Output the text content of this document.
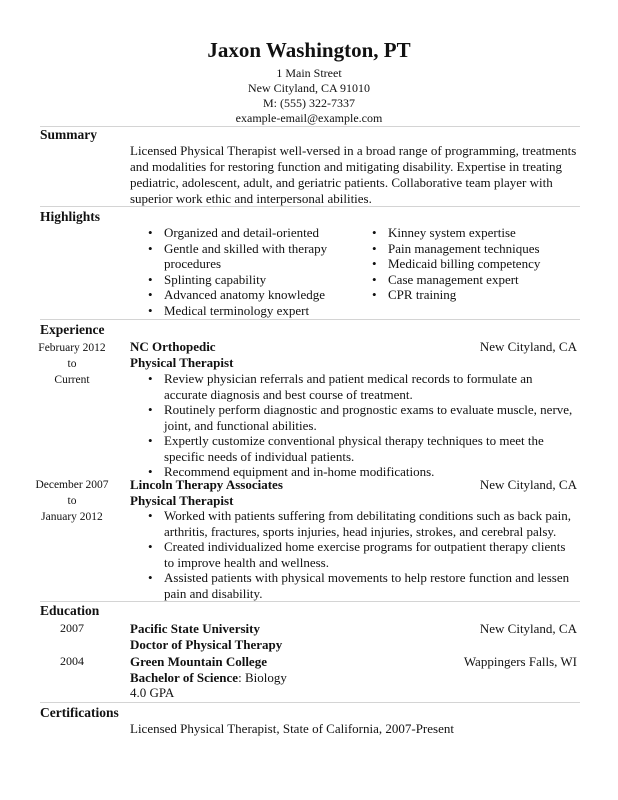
Jaxon Washington, PT
1 Main Street
New Cityland, CA 91010
M: (555) 322-7337
example-email@example.com
Summary
Licensed Physical Therapist well-versed in a broad range of programming, treatments and modalities for restoring function and mitigating disability. Expertise in treating pediatric, adolescent, adult, and geriatric patients. Collaborative team player with superior work ethic and interpersonal abilities.
Highlights
• Organized and detail-oriented
• Gentle and skilled with therapy procedures
• Splinting capability
• Advanced anatomy knowledge
• Medical terminology expert
• Kinney system expertise
• Pain management techniques
• Medicaid billing competency
• Case management expert
• CPR training
Experience
February 2012
to
Current
NC Orthopedic	New Cityland, CA
Physical Therapist
• Review physician referrals and patient medical records to formulate an accurate diagnosis and best course of treatment.
• Routinely perform diagnostic and prognostic exams to evaluate muscle, nerve, joint, and functional abilities.
• Expertly customize conventional physical therapy techniques to meet the specific needs of individual patients.
• Recommend equipment and in-home modifications.
December 2007
to
January 2012
Lincoln Therapy Associates	New Cityland, CA
Physical Therapist
• Worked with patients suffering from debilitating conditions such as back pain, arthritis, fractures, sports injuries, head injuries, strokes, and cerebral palsy.
• Created individualized home exercise programs for outpatient therapy clients to improve health and wellness.
• Assisted patients with physical movements to help restore function and lessen pain and disability.
Education
2007	Pacific State University	New Cityland, CA
Doctor of Physical Therapy
2004	Green Mountain College	Wappingers Falls, WI
Bachelor of Science: Biology
4.0 GPA
Certifications
Licensed Physical Therapist, State of California, 2007-Present
